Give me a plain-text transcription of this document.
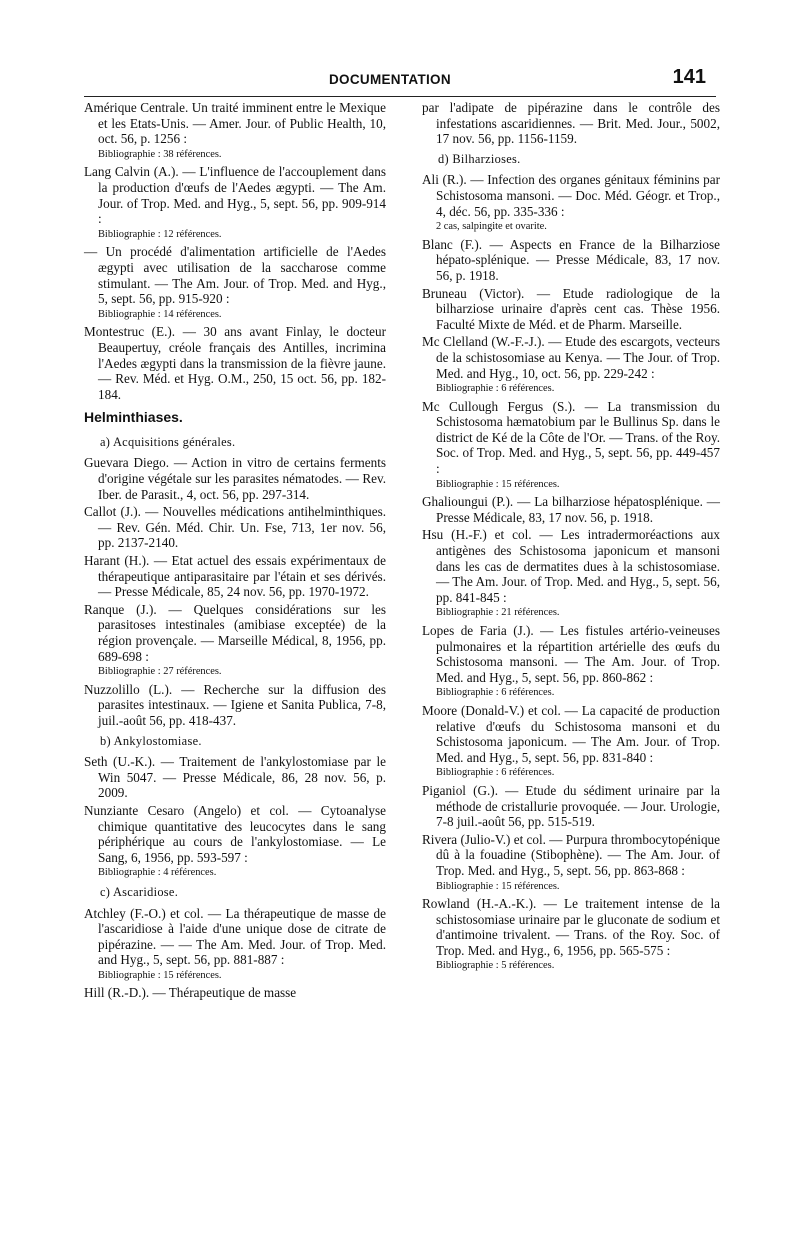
DOCUMENTATION	141
Amérique Centrale. Un traité imminent entre le Mexique et les Etats-Unis. — Amer. Jour. of Public Health, 10, oct. 56, p. 1256 :
Bibliographie : 38 références.
Lang Calvin (A.). — L'influence de l'accouplement dans la production d'œufs de l'Aedes ægypti. — The Am. Jour. of Trop. Med. and Hyg., 5, sept. 56, pp. 909-914 :
Bibliographie : 12 références.
— Un procédé d'alimentation artificielle de l'Aedes ægypti avec utilisation de la saccharose comme stimulant. — The Am. Jour. of Trop. Med. and Hyg., 5, sept. 56, pp. 915-920 :
Bibliographie : 14 références.
Montestruc (E.). — 30 ans avant Finlay, le docteur Beaupertuy, créole français des Antilles, incrimina l'Aedes ægypti dans la transmission de la fièvre jaune. — Rev. Méd. et Hyg. O.M., 250, 15 oct. 56, pp. 182-184.
Helminthiases.
a) Acquisitions générales.
Guevara Diego. — Action in vitro de certains ferments d'origine végétale sur les parasites nématodes. — Rev. Iber. de Parasit., 4, oct. 56, pp. 297-314.
Callot (J.). — Nouvelles médications antihelminthiques. — Rev. Gén. Méd. Chir. Un. Fse, 713, 1er nov. 56, pp. 2137-2140.
Harant (H.). — Etat actuel des essais expérimentaux de thérapeutique antiparasitaire par l'étain et ses dérivés. — Presse Médicale, 85, 24 nov. 56, pp. 1970-1972.
Ranque (J.). — Quelques considérations sur les parasitoses intestinales (amibiase exceptée) de la région provençale. — Marseille Médical, 8, 1956, pp. 689-698 :
Bibliographie : 27 références.
Nuzzolillo (L.). — Recherche sur la diffusion des parasites intestinaux. — Igiene et Sanita Publica, 7-8, juil.-août 56, pp. 418-437.
b) Ankylostomiase.
Seth (U.-K.). — Traitement de l'ankylostomiase par le Win 5047. — Presse Médicale, 86, 28 nov. 56, p. 2009.
Nunziante Cesaro (Angelo) et col. — Cytoanalyse chimique quantitative des leucocytes dans le sang périphérique au cours de l'ankylostomiase. — Le Sang, 6, 1956, pp. 593-597 :
Bibliographie : 4 références.
c) Ascaridiose.
Atchley (F.-O.) et col. — La thérapeutique de masse de l'ascaridiose à l'aide d'une unique dose de citrate de pipérazine. — — The Am. Med. Jour. of Trop. Med. and Hyg., 5, sept. 56, pp. 881-887 :
Bibliographie : 15 références.
Hill (R.-D.). — Thérapeutique de masse
par l'adipate de pipérazine dans le contrôle des infestations ascaridiennes. — Brit. Med. Jour., 5002, 17 nov. 56, pp. 1156-1159.
d) Bilharzioses.
Ali (R.). — Infection des organes génitaux féminins par Schistosoma mansoni. — Doc. Méd. Géogr. et Trop., 4, déc. 56, pp. 335-336 :
2 cas, salpingite et ovarite.
Blanc (F.). — Aspects en France de la Bilharziose hépato-splénique. — Presse Médicale, 83, 17 nov. 56, p. 1918.
Bruneau (Victor). — Etude radiologique de la bilharziose urinaire d'après cent cas. Thèse 1956. Faculté Mixte de Méd. et de Pharm. Marseille.
Mc Clelland (W.-F.-J.). — Etude des escargots, vecteurs de la schistosomiase au Kenya. — The Jour. of Trop. Med. and Hyg., 10, oct. 56, pp. 229-242 :
Bibliographie : 6 références.
Mc Cullough Fergus (S.). — La transmission du Schistosoma hæmatobium par le Bullinus Sp. dans le district de Ké de la Côte de l'Or. — Trans. of the Roy. Soc. of Trop. Med. and Hyg., 5, sept. 56, pp. 449-457 :
Bibliographie : 15 références.
Ghalioungui (P.). — La bilharziose hépatosplénique. — Presse Médicale, 83, 17 nov. 56, p. 1918.
Hsu (H.-F.) et col. — Les intradermoréactions aux antigènes des Schistosoma japonicum et mansoni dans les cas de dermatites dues à la schistosomiase. — The Am. Jour. of Trop. Med. and Hyg., 5, sept. 56, pp. 841-845 :
Bibliographie : 21 références.
Lopes de Faria (J.). — Les fistules artério-veineuses pulmonaires et la répartition artérielle des œufs du Schistosoma mansoni. — The Am. Jour. of Trop. Med. and Hyg., 5, sept. 56, pp. 860-862 :
Bibliographie : 6 références.
Moore (Donald-V.) et col. — La capacité de production relative d'œufs du Schistosoma mansoni et du Schistosoma japonicum. — The Am. Jour. of Trop. Med. and Hyg., 5, sept. 56, pp. 831-840 :
Bibliographie : 6 références.
Piganiol (G.). — Etude du sédiment urinaire par la méthode de cristallurie provoquée. — Jour. Urologie, 7-8 juil.-août 56, pp. 515-519.
Rivera (Julio-V.) et col. — Purpura thrombocytopénique dû à la fouadine (Stibophène). — The Am. Jour. of Trop. Med. and Hyg., 5, sept. 56, pp. 863-868 :
Bibliographie : 15 références.
Rowland (H.-A.-K.). — Le traitement intense de la schistosomiase urinaire par le gluconate de sodium et d'antimoine trivalent. — Trans. of the Roy. Soc. of Trop. Med. and Hyg., 6, 1956, pp. 565-575 :
Bibliographie : 5 références.
